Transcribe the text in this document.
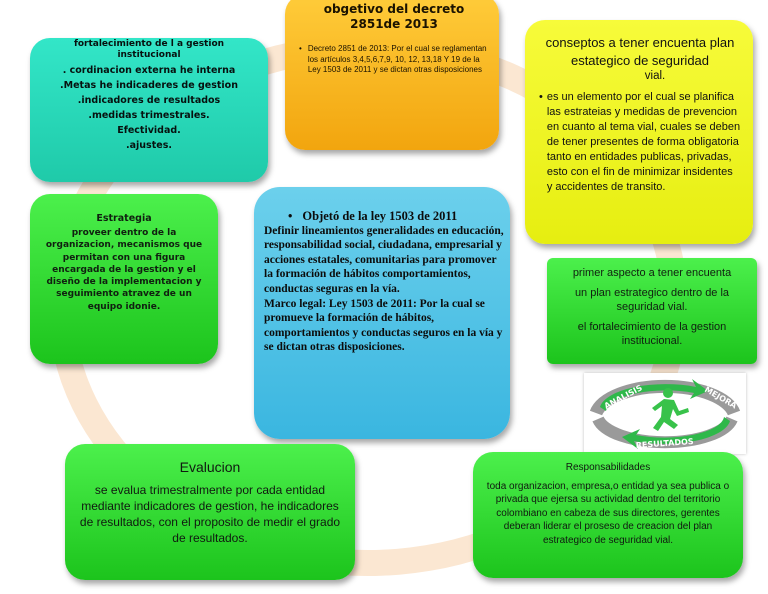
fortalecimiento de l a gestion institucional
. cordinacion externa he interna
.Metas he indicaderes de gestion
.indicadores de resultados
.medidas trimestrales.
Efectividad.
.ajustes.
obgetivo del decreto 2851de 2013
• Decreto 2851 de 2013: Por el cual se reglamentan los artículos 3,4,5,6,7,9, 10, 12, 13,18 Y 19 de la Ley 1503 de 2011 y se dictan otras disposiciones
conseptos a tener encuenta plan estategico de seguridad
vial.
• es un elemento por el cual se planifica las estrateias y medidas de prevencion en cuanto al tema vial, cuales se deben de tener presentes de forma obligatoria tanto en entidades publicas, privadas, esto con el fin de minimizar insidentes y accidentes de transito.
Estrategia
proveer dentro de la organizacion, mecanismos que permitan con una figura encargada de la gestion y el diseño de la implementacion y seguimiento atravez de un equipo idonie.
• Objetó de la ley 1503 de 2011
Definir lineamientos generalidades en educación, responsabilidad social, ciudadana, empresarial y acciones estatales, comunitarias para promover la formación de hábitos comportamientos, conductas seguras en la vía.
Marco legal: Ley 1503 de 2011: Por la cual se promueve la formación de hábitos, comportamientos y conductas seguros en la vía y se dictan otras disposiciones.
primer aspecto a tener encuenta
un plan estrategico dentro de la seguridad vial.
el fortalecimiento de la gestion institucional.
ANALISIS	MEJORA
RESULTADOS
Evalucion
se evalua trimestralmente por cada entidad mediante indicadores de gestion, he indicadores de resultados, con el proposito de medir el grado de resultados.
Responsabilidades
toda organizacion, empresa,o entidad ya sea publica o privada que ejersa su actividad dentro del territorio colombiano en cabeza de sus directores, gerentes deberan liderar el proseso de creacion del plan estrategico de seguridad vial.
